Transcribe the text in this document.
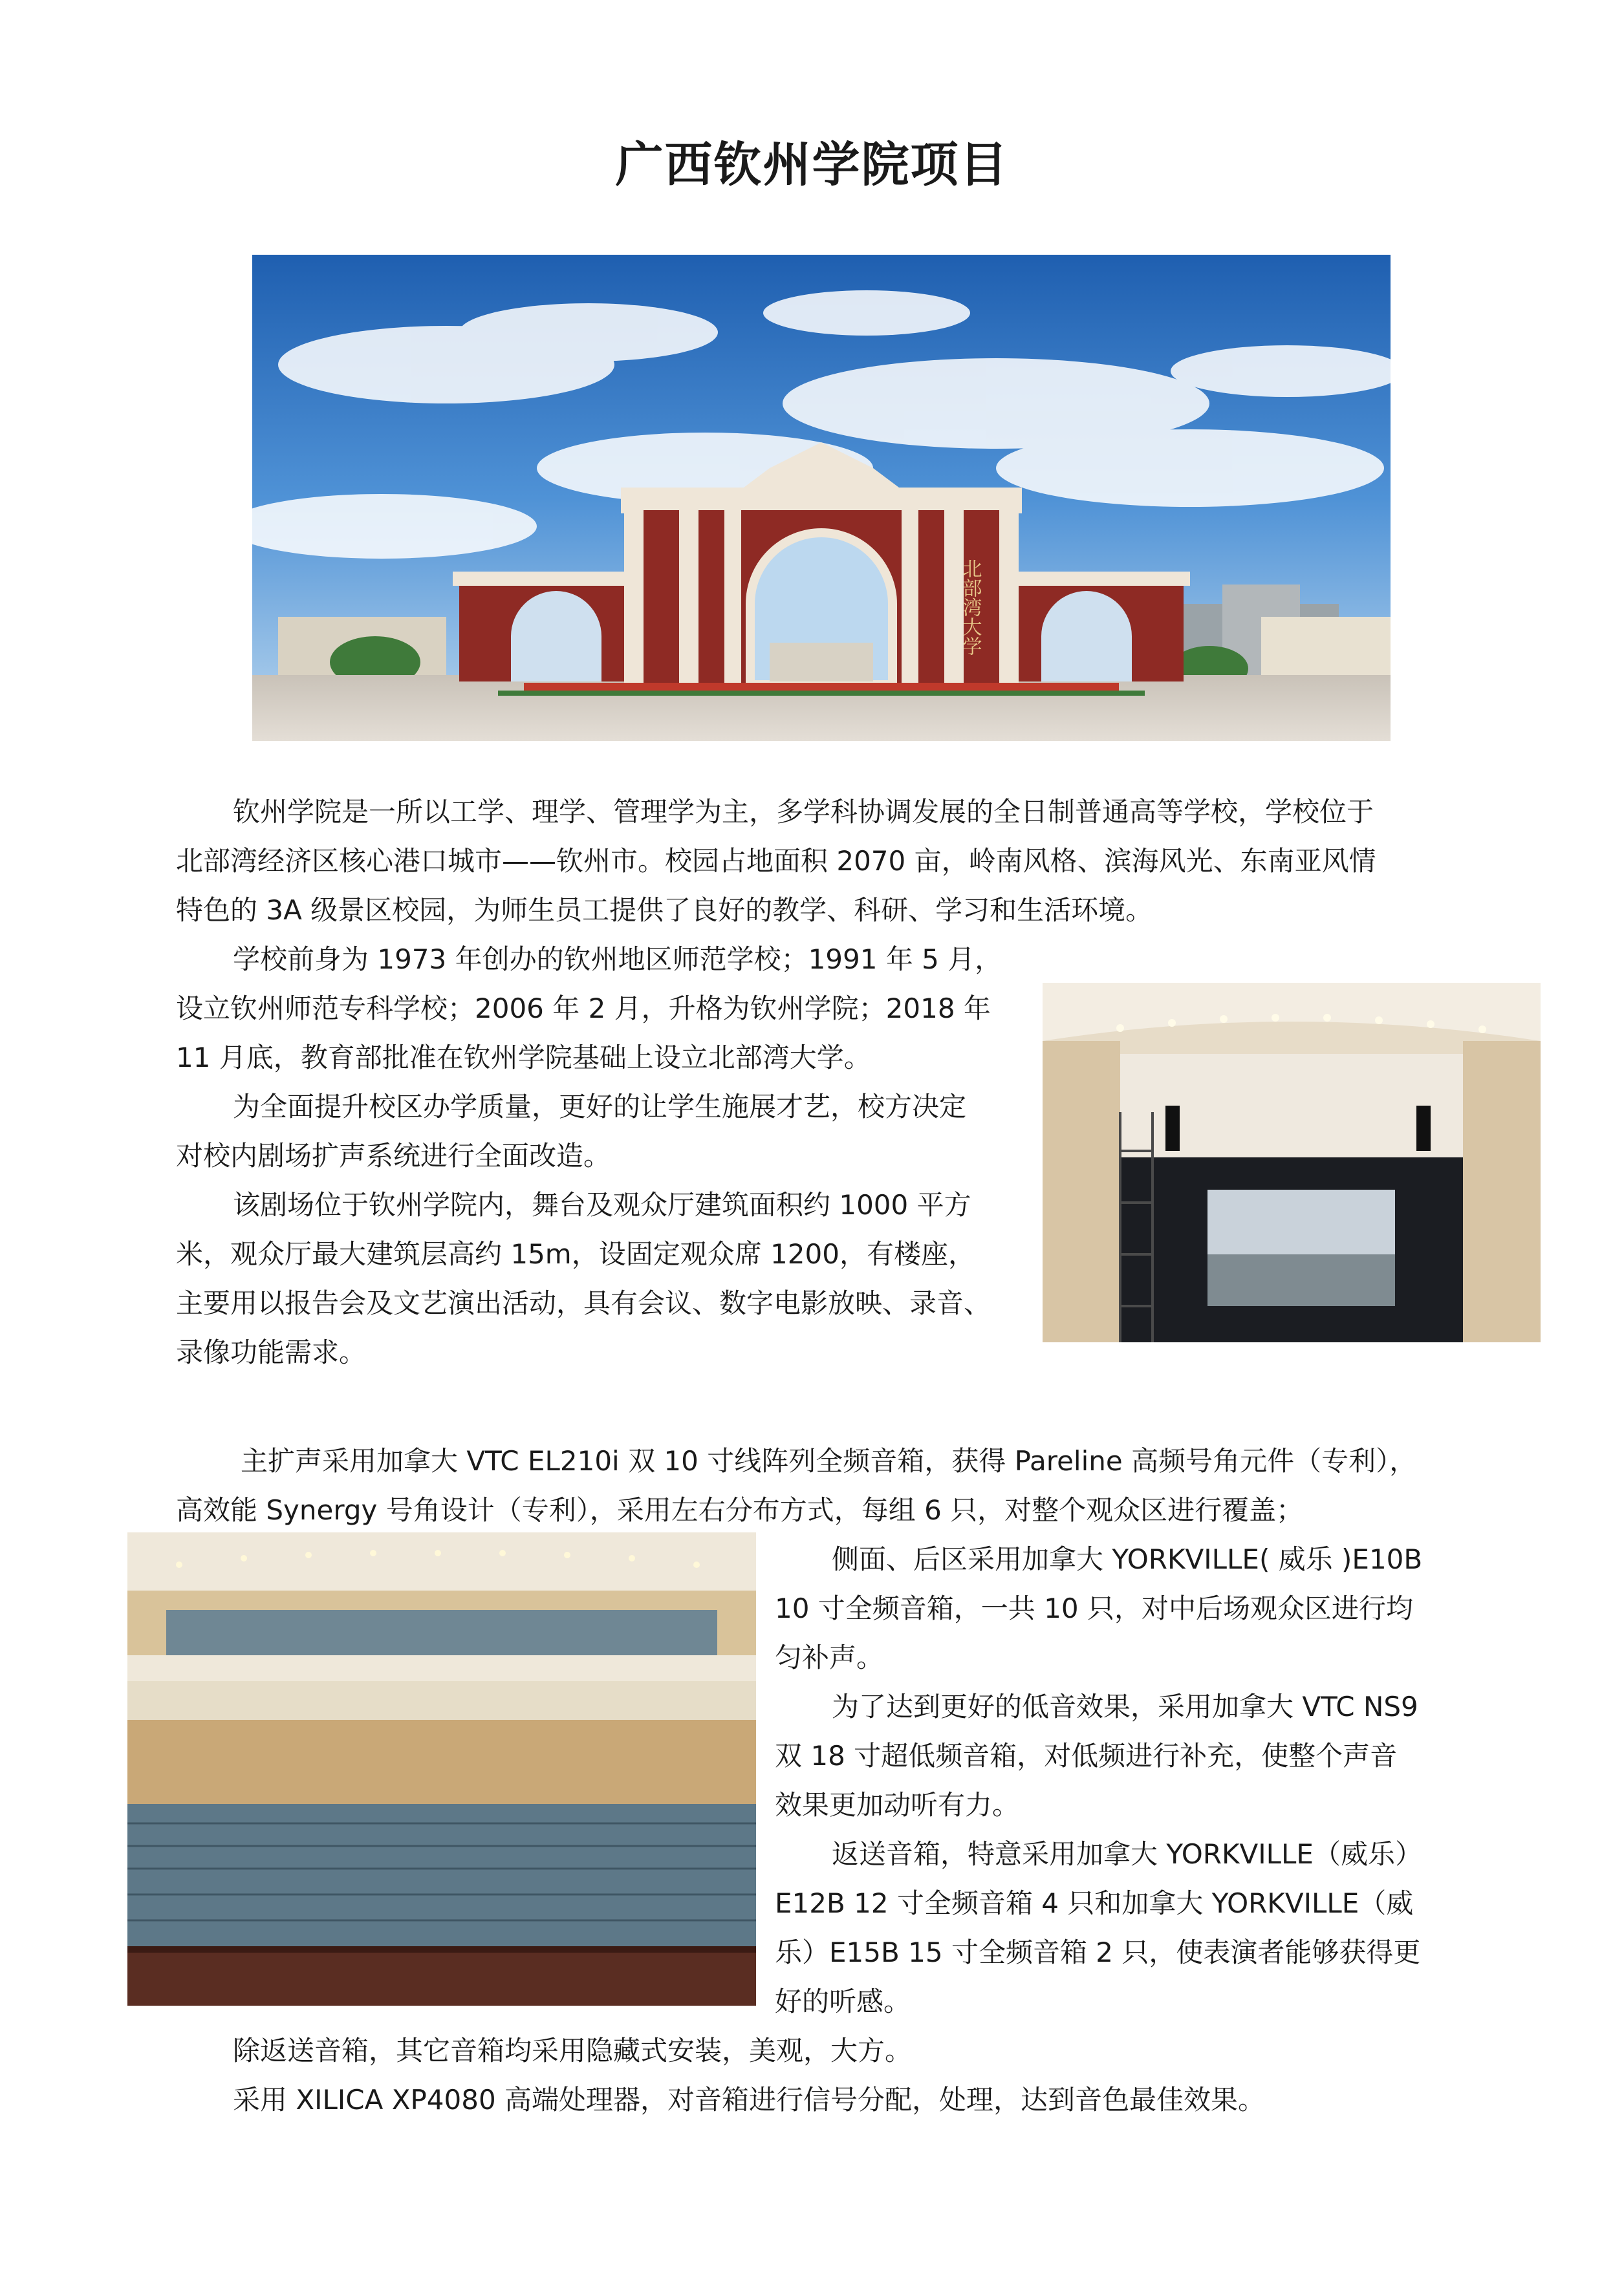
广西钦州学院项目
北部湾大学
钦州学院是一所以工学、理学、管理学为主，多学科协调发展的全日制普通高等学校，学校位于
北部湾经济区核心港口城市——钦州市。校园占地面积 2070 亩，岭南风格、滨海风光、东南亚风情
特色的 3A 级景区校园，为师生员工提供了良好的教学、科研、学习和生活环境。
学校前身为 1973 年创办的钦州地区师范学校；1991 年 5 月，
设立钦州师范专科学校；2006 年 2 月，升格为钦州学院；2018 年
11 月底，教育部批准在钦州学院基础上设立北部湾大学。
为全面提升校区办学质量，更好的让学生施展才艺，校方决定
对校内剧场扩声系统进行全面改造。
该剧场位于钦州学院内，舞台及观众厅建筑面积约 1000 平方
米，观众厅最大建筑层高约 15m，设固定观众席 1200，有楼座，
主要用以报告会及文艺演出活动，具有会议、数字电影放映、录音、
录像功能需求。
主扩声采用加拿大 VTC EL210i 双 10 寸线阵列全频音箱，获得 Pareline 高频号角元件（专利），
高效能 Synergy 号角设计（专利），采用左右分布方式，每组 6 只，对整个观众区进行覆盖；
侧面、后区采用加拿大 YORKVILLE( 威乐 )E10B
10 寸全频音箱，一共 10 只，对中后场观众区进行均
匀补声。
为了达到更好的低音效果，采用加拿大 VTC NS9
双 18 寸超低频音箱，对低频进行补充，使整个声音
效果更加动听有力。
返送音箱，特意采用加拿大 YORKVILLE（威乐）
E12B 12 寸全频音箱 4 只和加拿大 YORKVILLE（威
乐）E15B 15 寸全频音箱 2 只，使表演者能够获得更
好的听感。
除返送音箱，其它音箱均采用隐藏式安装，美观，大方。
采用 XILICA XP4080 高端处理器，对音箱进行信号分配，处理，达到音色最佳效果。
